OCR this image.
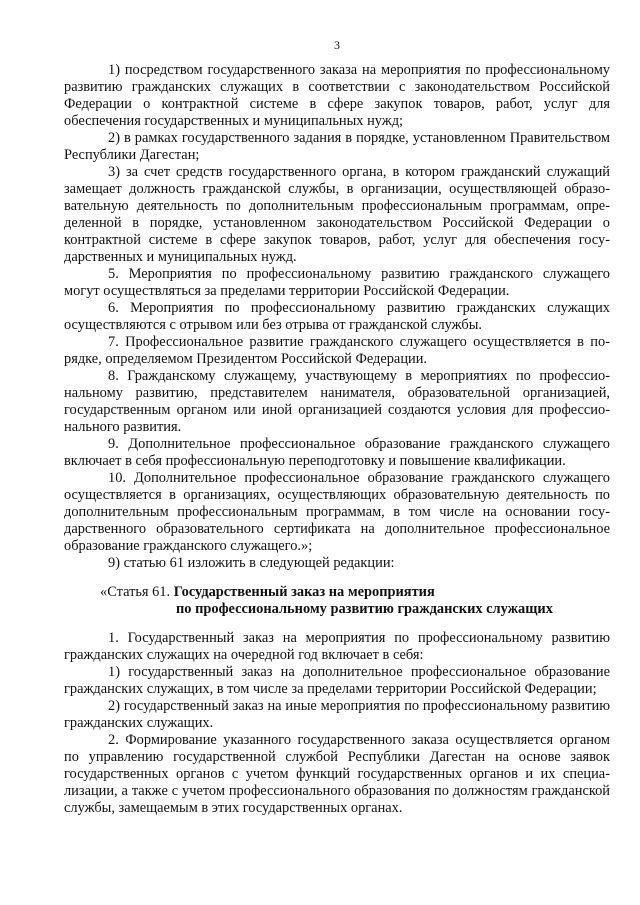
3

1) посредством государственного заказа на мероприятия по профессиональному развитию гражданских служащих в соответствии с законодательством Российской Федерации о контрактной системе в сфере закупок товаров, работ, услуг для обеспечения государственных и муниципальных нужд;

2) в рамках государственного задания в порядке, установленном Правительством Республики Дагестан;

3) за счет средств государственного органа, в котором гражданский служащий замещает должность гражданской службы, в организации, осуществляющей образовательную деятельность по дополнительным профессиональным программам, определенной в порядке, установленном законодательством Российской Федерации о контрактной системе в сфере закупок товаров, работ, услуг для обеспечения государственных и муниципальных нужд.

5. Мероприятия по профессиональному развитию гражданского служащего могут осуществляться за пределами территории Российской Федерации.

6. Мероприятия по профессиональному развитию гражданских служащих осуществляются с отрывом или без отрыва от гражданской службы.

7. Профессиональное развитие гражданского служащего осуществляется в порядке, определяемом Президентом Российской Федерации.

8. Гражданскому служащему, участвующему в мероприятиях по профессиональному развитию, представителем нанимателя, образовательной организацией, государственным органом или иной организацией создаются условия для профессионального развития.

9. Дополнительное профессиональное образование гражданского служащего включает в себя профессиональную переподготовку и повышение квалификации.

10. Дополнительное профессиональное образование гражданского служащего осуществляется в организациях, осуществляющих образовательную деятельность по дополнительным профессиональным программам, в том числе на основании государственного образовательного сертификата на дополнительное профессиональное образование гражданского служащего.»;

9) статью 61 изложить в следующей редакции:

«Статья 61. Государственный заказ на мероприятия
по профессиональному развитию гражданских служащих

1. Государственный заказ на мероприятия по профессиональному развитию гражданских служащих на очередной год включает в себя:

1) государственный заказ на дополнительное профессиональное образование гражданских служащих, в том числе за пределами территории Российской Федерации;

2) государственный заказ на иные мероприятия по профессиональному развитию гражданских служащих.

2. Формирование указанного государственного заказа осуществляется органом по управлению государственной службой Республики Дагестан на основе заявок государственных органов с учетом функций государственных органов и их специализации, а также с учетом профессионального образования по должностям гражданской службы, замещаемым в этих государственных органах.
